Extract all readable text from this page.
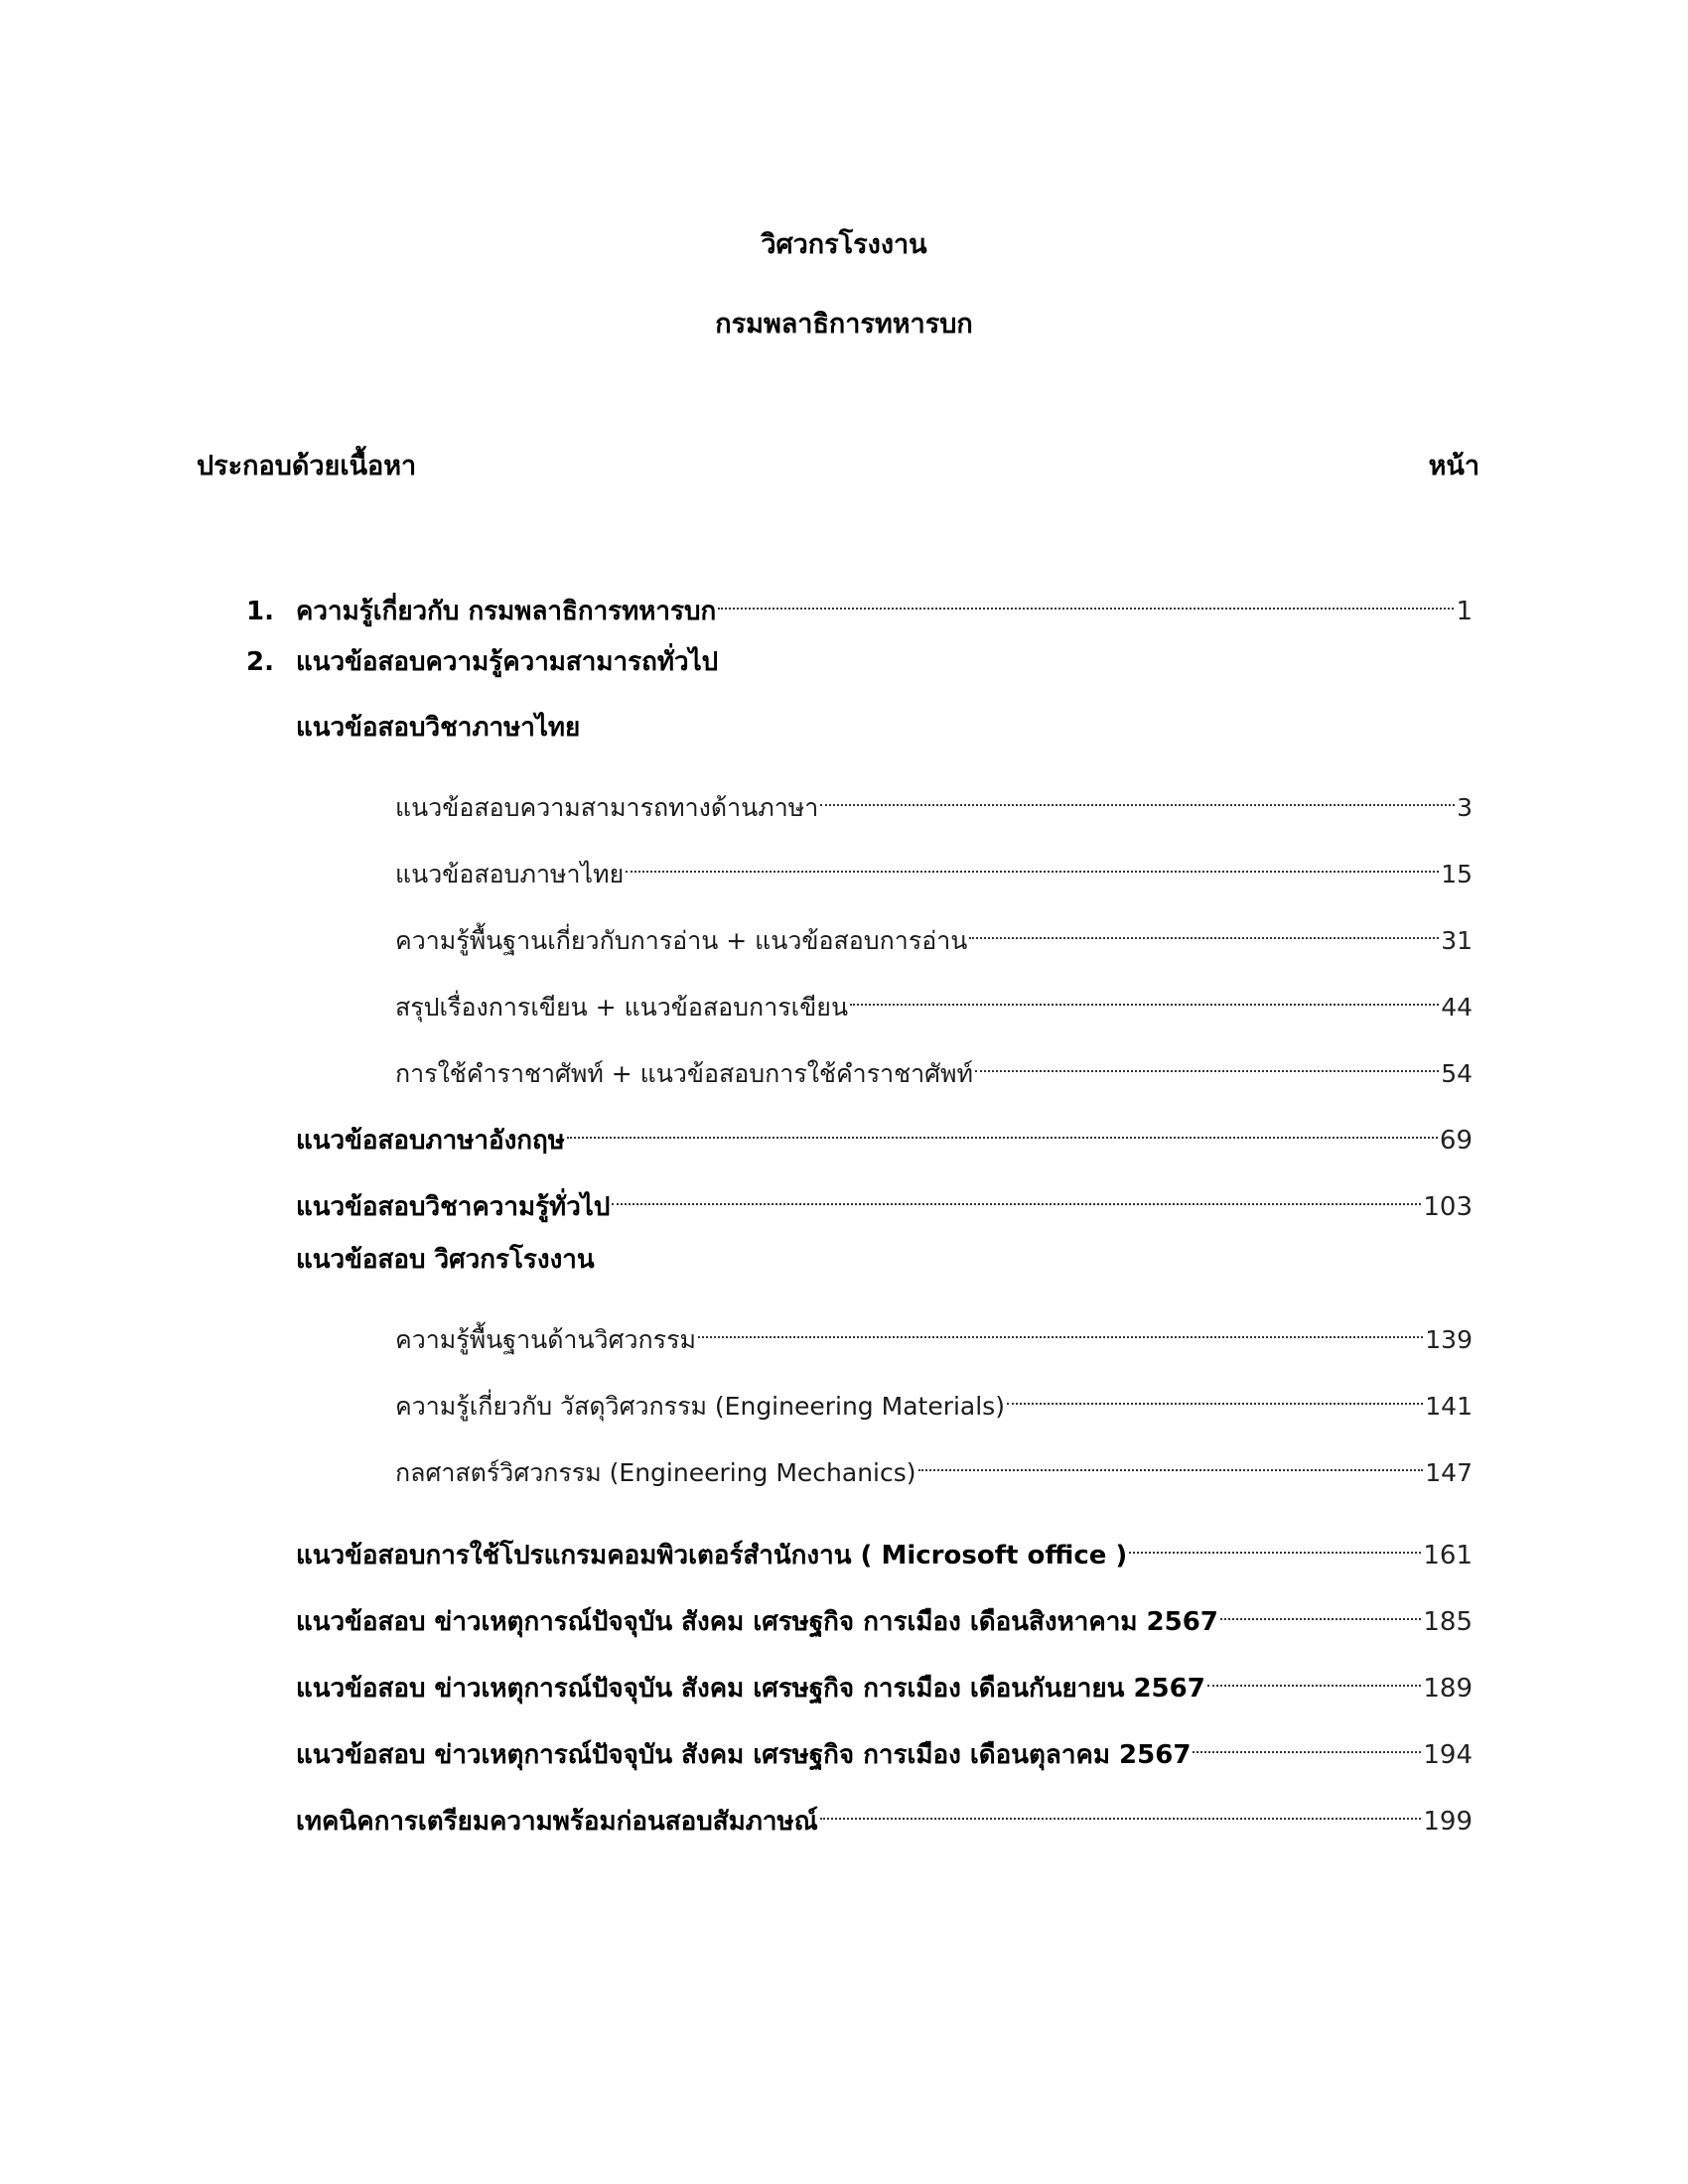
วิศวกรโรงงาน
กรมพลาธิการทหารบก
ประกอบด้วยเนื้อหา	หน้า
1. ความรู้เกี่ยวกับ กรมพลาธิการทหารบก	1
2. แนวข้อสอบความรู้ความสามารถทั่วไป
แนวข้อสอบวิชาภาษาไทย
แนวข้อสอบความสามารถทางด้านภาษา	3
แนวข้อสอบภาษาไทย	15
ความรู้พื้นฐานเกี่ยวกับการอ่าน + แนวข้อสอบการอ่าน	31
สรุปเรื่องการเขียน + แนวข้อสอบการเขียน	44
การใช้คำราชาศัพท์ + แนวข้อสอบการใช้คำราชาศัพท์	54
แนวข้อสอบภาษาอังกฤษ	69
แนวข้อสอบวิชาความรู้ทั่วไป	103
แนวข้อสอบ วิศวกรโรงงาน
ความรู้พื้นฐานด้านวิศวกรรม	139
ความรู้เกี่ยวกับ วัสดุวิศวกรรม (Engineering Materials)	141
กลศาสตร์วิศวกรรม (Engineering Mechanics)	147
แนวข้อสอบการใช้โปรแกรมคอมพิวเตอร์สำนักงาน ( Microsoft office )	161
แนวข้อสอบ ข่าวเหตุการณ์ปัจจุบัน สังคม เศรษฐกิจ การเมือง เดือนสิงหาคาม 2567	185
แนวข้อสอบ ข่าวเหตุการณ์ปัจจุบัน สังคม เศรษฐกิจ การเมือง เดือนกันยายน 2567	189
แนวข้อสอบ ข่าวเหตุการณ์ปัจจุบัน สังคม เศรษฐกิจ การเมือง เดือนตุลาคม 2567	194
เทคนิคการเตรียมความพร้อมก่อนสอบสัมภาษณ์	199
